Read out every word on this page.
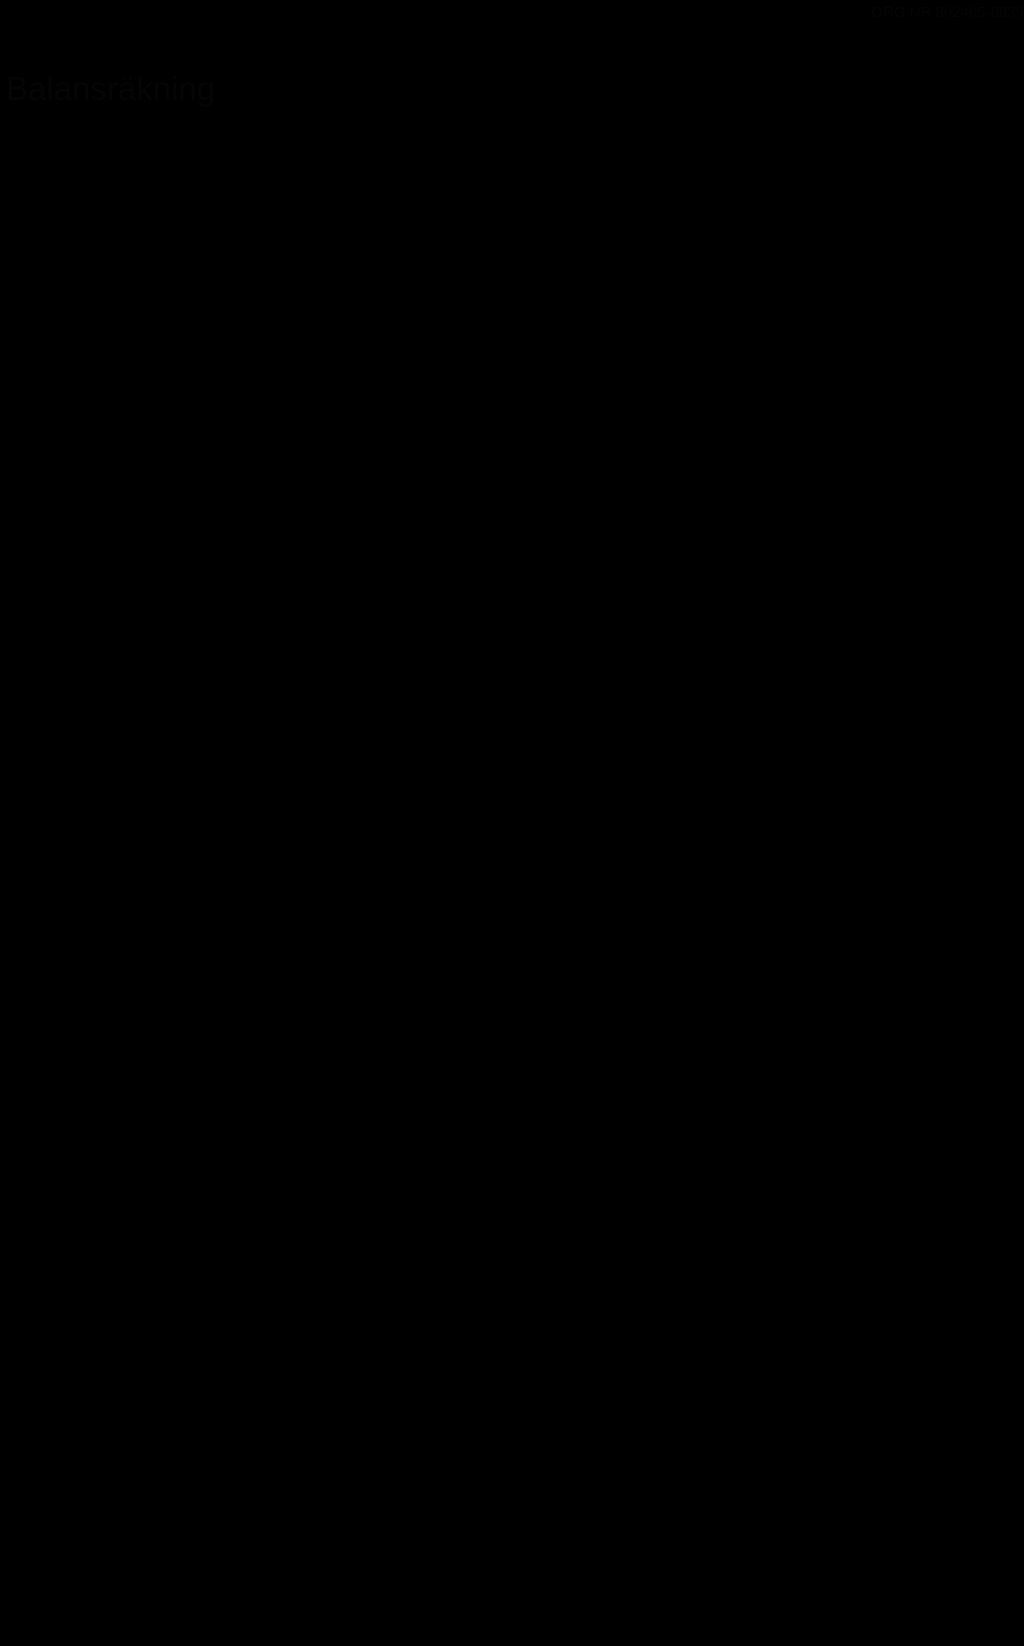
ORG NR 802405-8839
Balansräkning
SEK	Not	20181231	20171231
Tillgångar
Omsättningstillgångar
Kortfristiga fordringar
Fordringar	6 984	5 444
Skattekonto	23 702	23 710
Förutbetalda kostnader och upplupna
intäkter	6	12 137	86 888
Summa kortfristiga fordringar	42 823	116 042
Kassa och bank	4 553 243	2 956 603
Summa omsättningstillgångar	4 596 066	3 072 645
SUMMA TILLGÅNGAR	4 596 066	3 072 645
Eget kapital och skulder
Eget kapital
Ändamålsbestämda medel	0	20 000
Balanserat resultat	1 524 423	1 314 719
Summa eget kapital	1 524 423	1 334 719
Kortfristiga skulder
Leverantörs- och övriga skulder	230 370	90 619
Skatteskulder	212 621	138 894
Skuld erhålna ej nyttjade bidrag	7	33 206	18 230
Upplupna kostnader	8	372 327	316 584
Förutbetalda intäkter	8	2 223 119	1 173 599
Summa kortfristiga skulder	3 071 643	1 737 926
SUMMA EGET KAPITAL OCH
SKULDER	4 596 066	3 072 645
Väsentliga händelser efter
räkenskapsårets utgång	9
